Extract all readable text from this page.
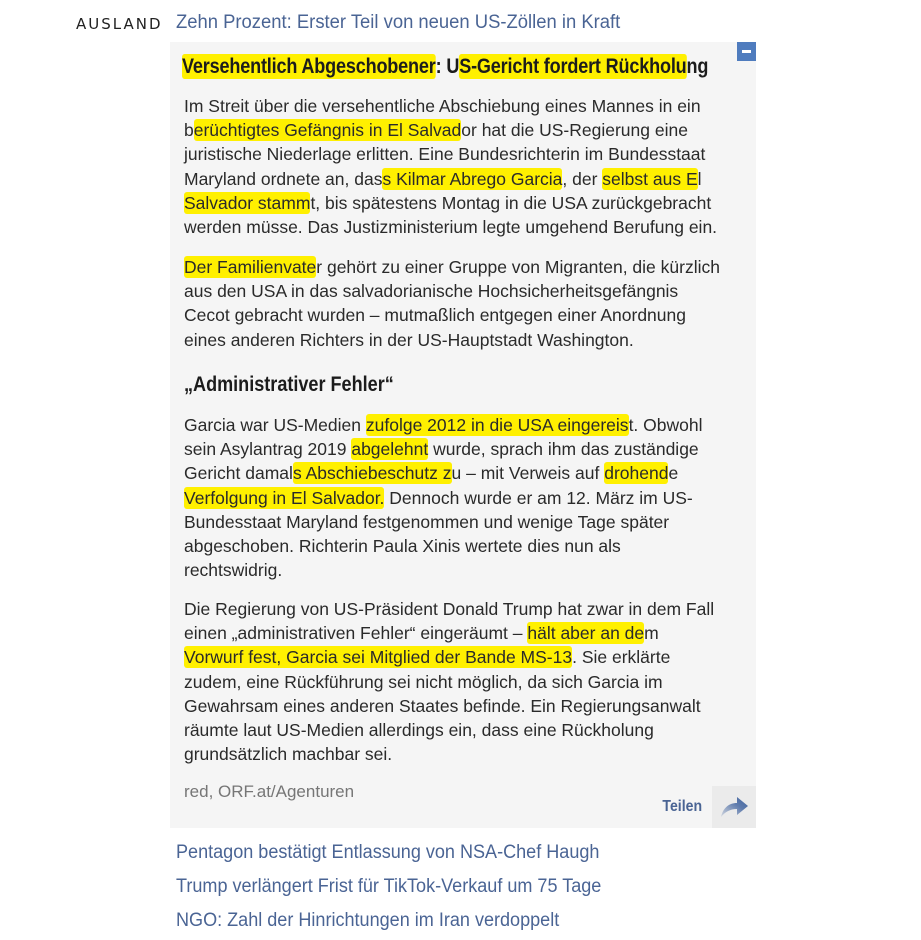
AUSLAND Zehn Prozent: Erster Teil von neuen US-Zöllen in Kraft
Versehentlich Abgeschobener: US-Gericht fordert Rückholung
Im Streit über die versehentliche Abschiebung eines Mannes in ein
berüchtigtes Gefängnis in El Salvador hat die US-Regierung eine
juristische Niederlage erlitten. Eine Bundesrichterin im Bundesstaat
Maryland ordnete an, dass Kilmar Abrego Garcia, der selbst aus El
Salvador stammt, bis spätestens Montag in die USA zurückgebracht
werden müsse. Das Justizministerium legte umgehend Berufung ein.
Der Familienvater gehört zu einer Gruppe von Migranten, die kürzlich
aus den USA in das salvadorianische Hochsicherheitsgefängnis
Cecot gebracht wurden – mutmaßlich entgegen einer Anordnung
eines anderen Richters in der US-Hauptstadt Washington.
„Administrativer Fehler“
Garcia war US-Medien zufolge 2012 in die USA eingereist. Obwohl
sein Asylantrag 2019 abgelehnt wurde, sprach ihm das zuständige
Gericht damals Abschiebeschutz zu – mit Verweis auf drohende
Verfolgung in El Salvador. Dennoch wurde er am 12. März im US-
Bundesstaat Maryland festgenommen und wenige Tage später
abgeschoben. Richterin Paula Xinis wertete dies nun als
rechtswidrig.
Die Regierung von US-Präsident Donald Trump hat zwar in dem Fall
einen „administrativen Fehler“ eingeräumt – hält aber an dem
Vorwurf fest, Garcia sei Mitglied der Bande MS-13. Sie erklärte
zudem, eine Rückführung sei nicht möglich, da sich Garcia im
Gewahrsam eines anderen Staates befinde. Ein Regierungsanwalt
räumte laut US-Medien allerdings ein, dass eine Rückholung
grundsätzlich machbar sei.
red, ORF.at/Agenturen
Teilen
Pentagon bestätigt Entlassung von NSA-Chef Haugh
Trump verlängert Frist für TikTok-Verkauf um 75 Tage
NGO: Zahl der Hinrichtungen im Iran verdoppelt
